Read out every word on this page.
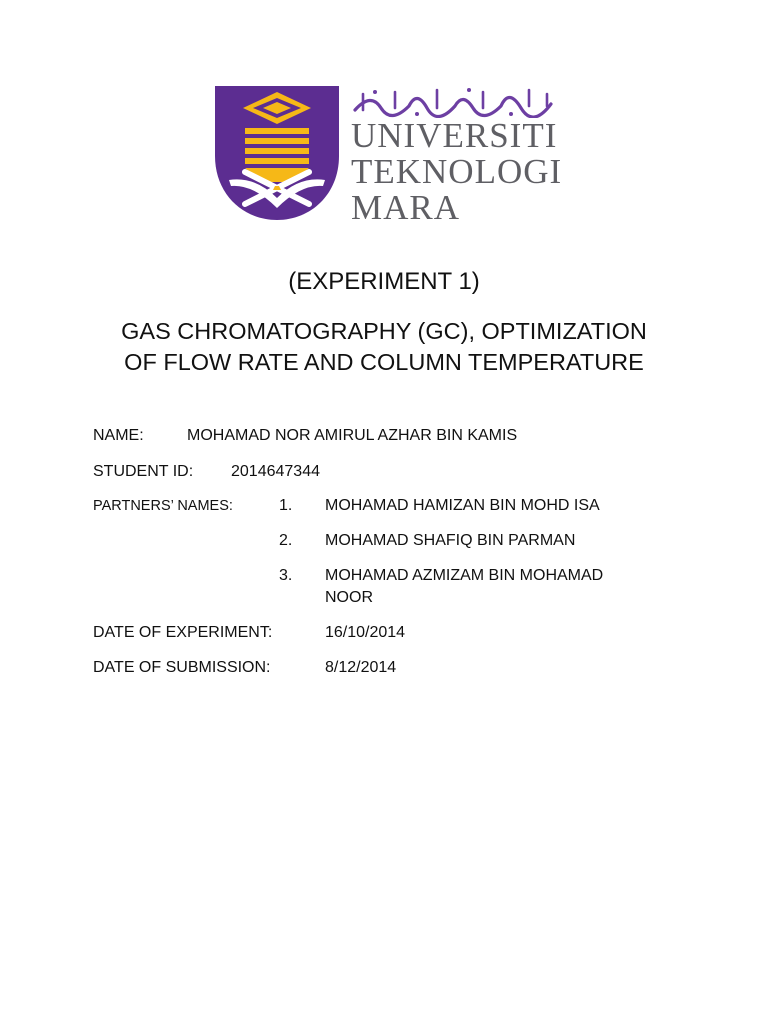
UNIVERSITI
TEKNOLOGI
MARA
(EXPERIMENT 1)
GAS CHROMATOGRAPHY (GC), OPTIMIZATION
OF FLOW RATE AND COLUMN TEMPERATURE
NAME:	MOHAMAD NOR AMIRUL AZHAR BIN KAMIS
STUDENT ID: 2014647344
PARTNERS’ NAMES:	1. MOHAMAD HAMIZAN BIN MOHD ISA
2. MOHAMAD SHAFIQ BIN PARMAN
3. MOHAMAD AZMIZAM BIN MOHAMAD
NOOR
DATE OF EXPERIMENT:	16/10/2014
DATE OF SUBMISSION:	8/12/2014
